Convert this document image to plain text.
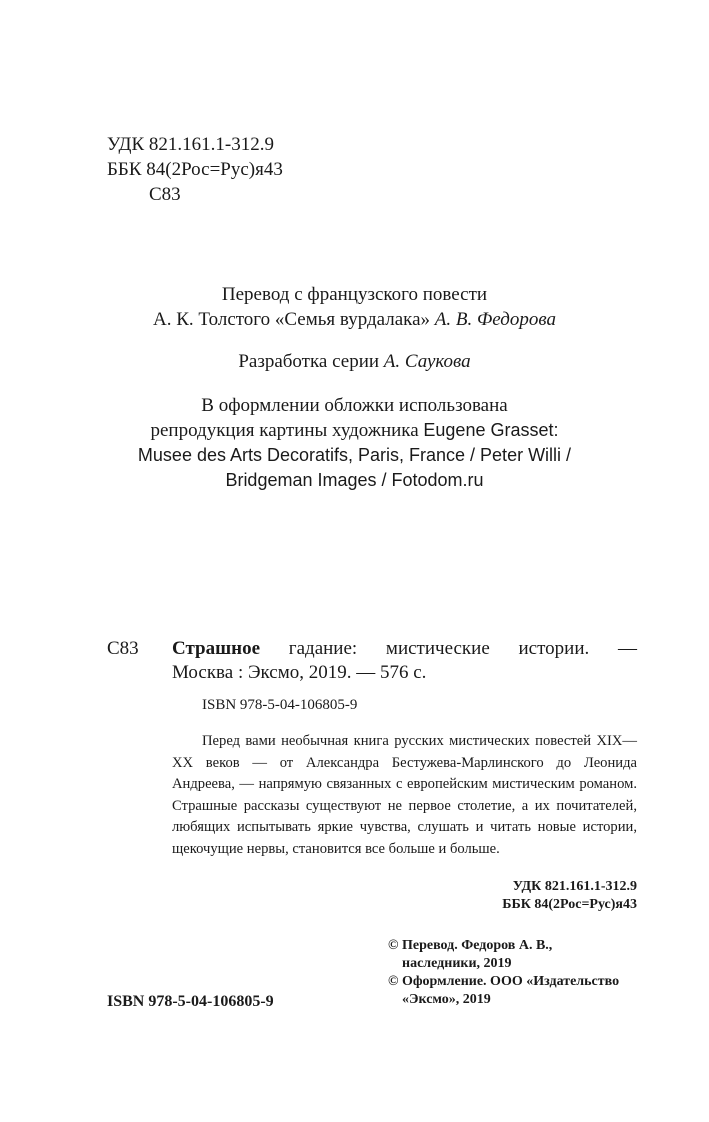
УДК 821.161.1-312.9
ББК 84(2Рос=Рус)я43
С83
Перевод с французского повести
А. К. Толстого «Семья вурдалака» А. В. Федорова
Разработка серии А. Саукова
В оформлении обложки использована
репродукция картины художника Eugene Grasset:
Musee des Arts Decoratifs, Paris, France / Peter Willi /
Bridgeman Images / Fotodom.ru
С83 Страшное гадание: мистические истории. —
Москва : Эксмо, 2019. — 576 с.
ISBN 978-5-04-106805-9
Перед вами необычная книга русских мистических повестей XIX—XX веков — от Александра Бестужева-Марлинского до Леонида Андреева, — напрямую связанных с европейским мистическим романом. Страшные рассказы существуют не первое столетие, а их почитателей, любящих испытывать яркие чувства, слушать и читать новые истории, щекочущие нервы, становится все больше и больше.
УДК 821.161.1-312.9
ББК 84(2Рос=Рус)я43
© Перевод. Федоров А. В.,
наследники, 2019
© Оформление. ООО «Издательство
«Эксмо», 2019
ISBN 978-5-04-106805-9
